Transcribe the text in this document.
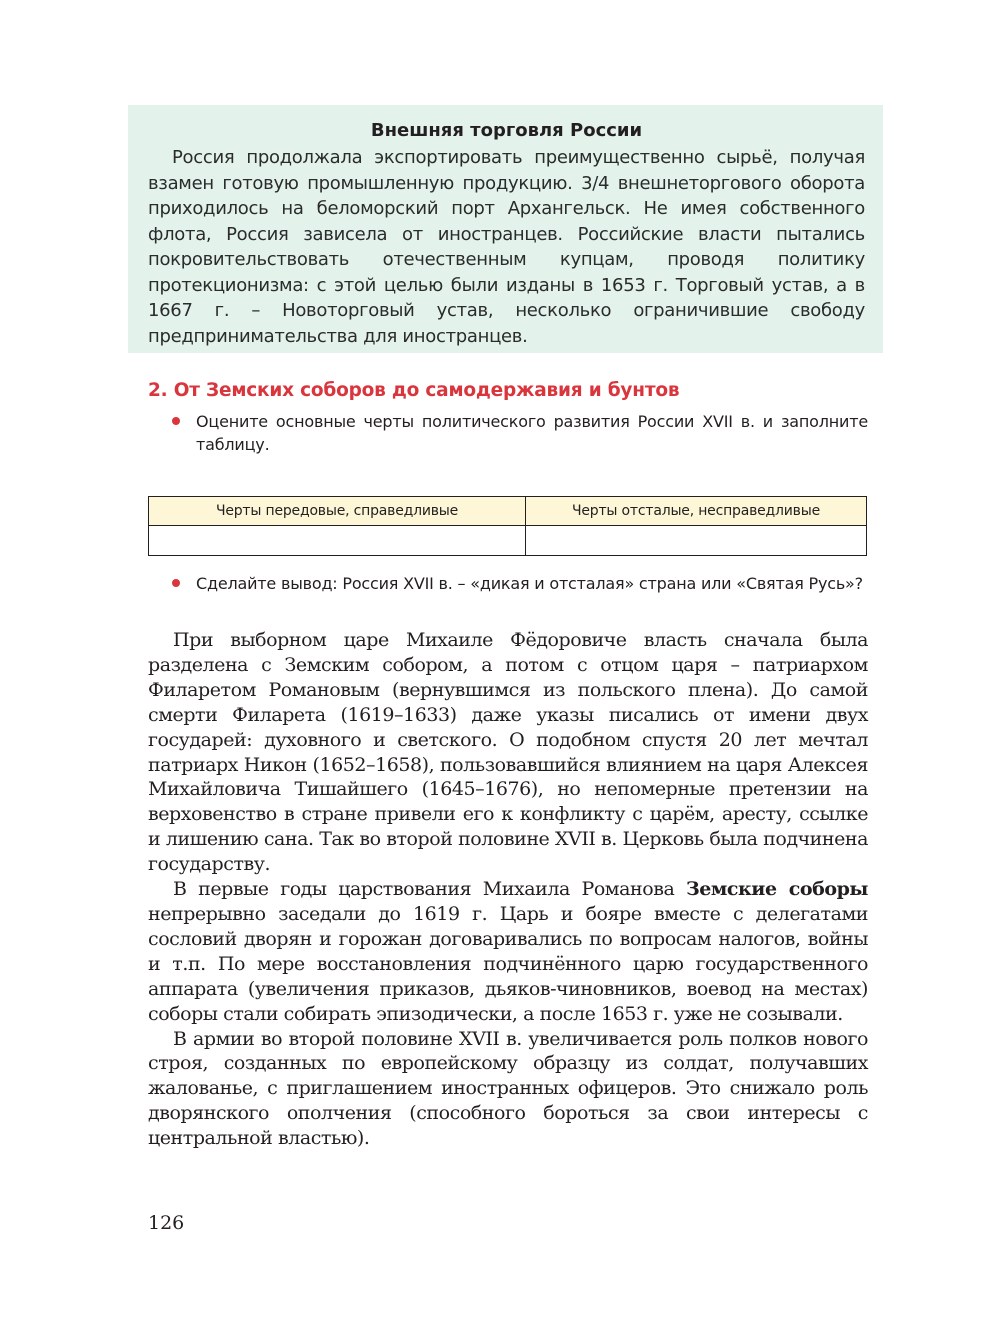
Внешняя торговля России

Россия продолжала экспортировать преимущественно сырьё, получая взамен готовую промышленную продукцию. 3/4 внешнеторгового оборота приходилось на беломорский порт Архангельск. Не имея собственного флота, Россия зависела от иностранцев. Российские власти пытались покровительствовать отечественным купцам, проводя политику протекционизма: с этой целью были изданы в 1653 г. Торговый устав, а в 1667 г. – Новоторговый устав, несколько ограничившие свободу предпринимательства для иностранцев.

2. От Земских соборов до самодержавия и бунтов
Оцените основные черты политического развития России XVII в. и заполните таблицу.
Черты передовые, справедливые	Черты отсталые, несправедливые

Сделайте вывод: Россия XVII в. – «дикая и отсталая» страна или «Святая Русь»?

При выборном царе Михаиле Фёдоровиче власть сначала была разделена с Земским собором, а потом с отцом царя – патриархом Филаретом Романовым (вернувшимся из польского плена). До самой смерти Филарета (1619–1633) даже указы писались от имени двух государей: духовного и светского. О подобном спустя 20 лет мечтал патриарх Никон (1652–1658), пользовавшийся влиянием на царя Алексея Михайловича Тишайшего (1645–1676), но непомерные претензии на верховенство в стране привели его к конфликту с царём, аресту, ссылке и лишению сана. Так во второй половине XVII в. Церковь была подчинена государству.

В первые годы царствования Михаила Романова Земские соборы непрерывно заседали до 1619 г. Царь и бояре вместе с делегатами сословий дворян и горожан договаривались по вопросам налогов, войны и т.п. По мере восстановления подчинённого царю государственного аппарата (увеличения приказов, дьяков-чиновников, воевод на местах) соборы стали собирать эпизодически, а после 1653 г. уже не созывали.

В армии во второй половине XVII в. увеличивается роль полков нового строя, созданных по европейскому образцу из солдат, получавших жалованье, с приглашением иностранных офицеров. Это снижало роль дворянского ополчения (способного бороться за свои интересы с центральной властью).

126
